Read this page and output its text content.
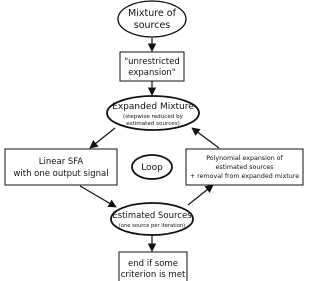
Mixture of
sources
"unrestricted
expansion"
Expanded Mixture
(stepwise reduced by
estimated sources)
Linear SFA
with one output signal
Loop
Polynomial expansion of
estimated sources
+ removal from expanded mixture
Estimated Sources
(one source per iteration)
end if some
criterion is met
